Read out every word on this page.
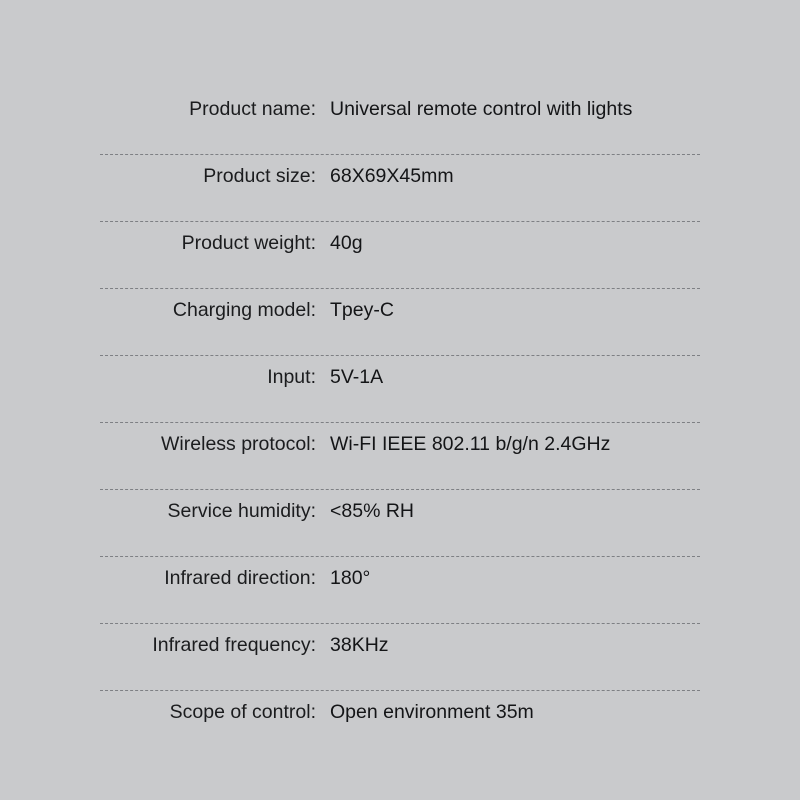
Product name: Universal remote control with lights
Product size: 68X69X45mm
Product weight: 40g
Charging model: Tpey-C
Input: 5V-1A
Wireless protocol: Wi-FI IEEE 802.11 b/g/n 2.4GHz
Service humidity: <85% RH
Infrared direction: 180°
Infrared frequency: 38KHz
Scope of control: Open environment 35m
